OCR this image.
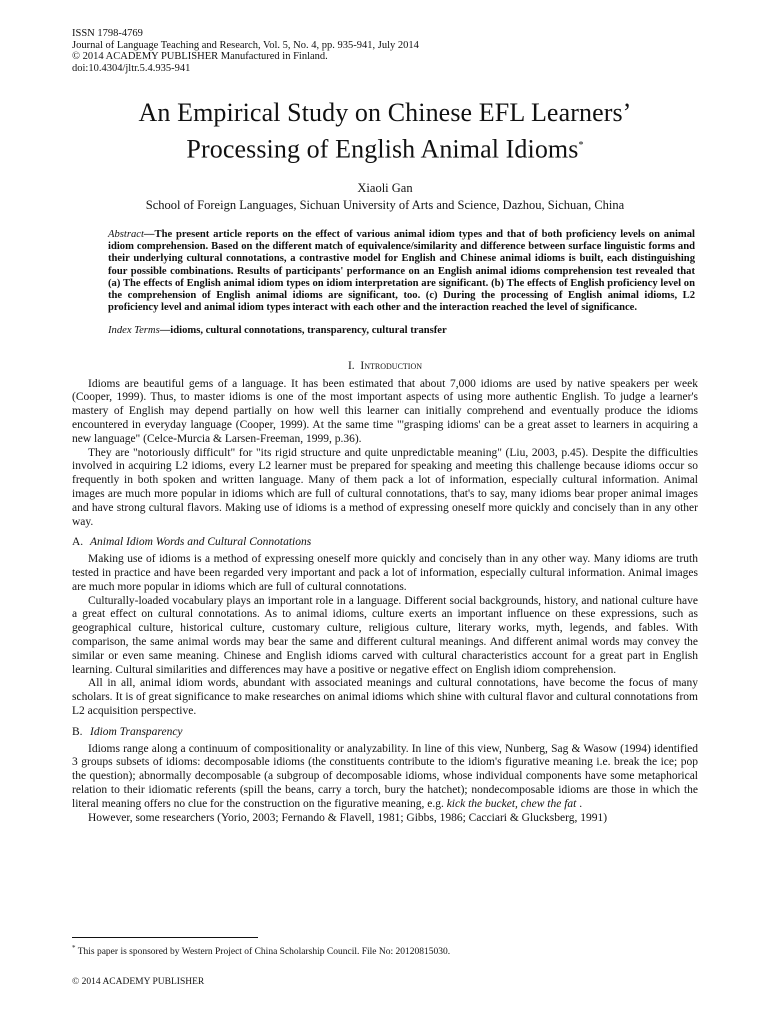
ISSN 1798-4769
Journal of Language Teaching and Research, Vol. 5, No. 4, pp. 935-941, July 2014
© 2014 ACADEMY PUBLISHER Manufactured in Finland.
doi:10.4304/jltr.5.4.935-941
An Empirical Study on Chinese EFL Learners’
Processing of English Animal Idioms*
Xiaoli Gan
School of Foreign Languages, Sichuan University of Arts and Science, Dazhou, Sichuan, China
Abstract—The present article reports on the effect of various animal idiom types and that of both proficiency levels on animal idiom comprehension. Based on the different match of equivalence/similarity and difference between surface linguistic forms and their underlying cultural connotations, a contrastive model for English and Chinese animal idioms is built, each distinguishing four possible combinations. Results of participants' performance on an English animal idioms comprehension test revealed that (a) The effects of English animal idiom types on idiom interpretation are significant. (b) The effects of English proficiency level on the comprehension of English animal idioms are significant, too. (c) During the processing of English animal idioms, L2 proficiency level and animal idiom types interact with each other and the interaction reached the level of significance.
Index Terms—idioms, cultural connotations, transparency, cultural transfer
I. Introduction

Idioms are beautiful gems of a language. It has been estimated that about 7,000 idioms are used by native speakers per week (Cooper, 1999). Thus, to master idioms is one of the most important aspects of using more authentic English. To judge a learner's mastery of English may depend partially on how well this learner can initially comprehend and eventually produce the idioms encountered in everyday language (Cooper, 1999). At the same time "'grasping idioms' can be a great asset to learners in acquiring a new language" (Celce-Murcia & Larsen-Freeman, 1999, p.36).

They are "notoriously difficult" for "its rigid structure and quite unpredictable meaning" (Liu, 2003, p.45). Despite the difficulties involved in acquiring L2 idioms, every L2 learner must be prepared for speaking and meeting this challenge because idioms occur so frequently in both spoken and written language. Many of them pack a lot of information, especially cultural information. Animal images are much more popular in idioms which are full of cultural connotations, that's to say, many idioms bear proper animal images and have strong cultural flavors. Making use of idioms is a method of expressing oneself more quickly and concisely than in any other way.

A. Animal Idiom Words and Cultural Connotations

Making use of idioms is a method of expressing oneself more quickly and concisely than in any other way. Many idioms are truth tested in practice and have been regarded very important and pack a lot of information, especially cultural information. Animal images are much more popular in idioms which are full of cultural connotations.

Culturally-loaded vocabulary plays an important role in a language. Different social backgrounds, history, and national culture have a great effect on cultural connotations. As to animal idioms, culture exerts an important influence on these expressions, such as geographical culture, historical culture, customary culture, religious culture, literary works, myth, legends, and fables. With comparison, the same animal words may bear the same and different cultural meanings. And different animal words may convey the similar or even same meaning. Chinese and English idioms carved with cultural characteristics account for a great part in English learning. Cultural similarities and differences may have a positive or negative effect on English idiom comprehension.

All in all, animal idiom words, abundant with associated meanings and cultural connotations, have become the focus of many scholars. It is of great significance to make researches on animal idioms which shine with cultural flavor and cultural connotations from L2 acquisition perspective.

B. Idiom Transparency

Idioms range along a continuum of compositionality or analyzability. In line of this view, Nunberg, Sag & Wasow (1994) identified 3 groups subsets of idioms: decomposable idioms (the constituents contribute to the idiom's figurative meaning i.e. break the ice; pop the question); abnormally decomposable (a subgroup of decomposable idioms, whose individual components have some metaphorical relation to their idiomatic referents (spill the beans, carry a torch, bury the hatchet); nondecomposable idioms are those in which the literal meaning offers no clue for the construction on the figurative meaning, e.g. kick the bucket, chew the fat .

However, some researchers (Yorio, 2003; Fernando & Flavell, 1981; Gibbs, 1986; Cacciari & Glucksberg, 1991)

* This paper is sponsored by Western Project of China Scholarship Council. File No: 20120815030.
© 2014 ACADEMY PUBLISHER
